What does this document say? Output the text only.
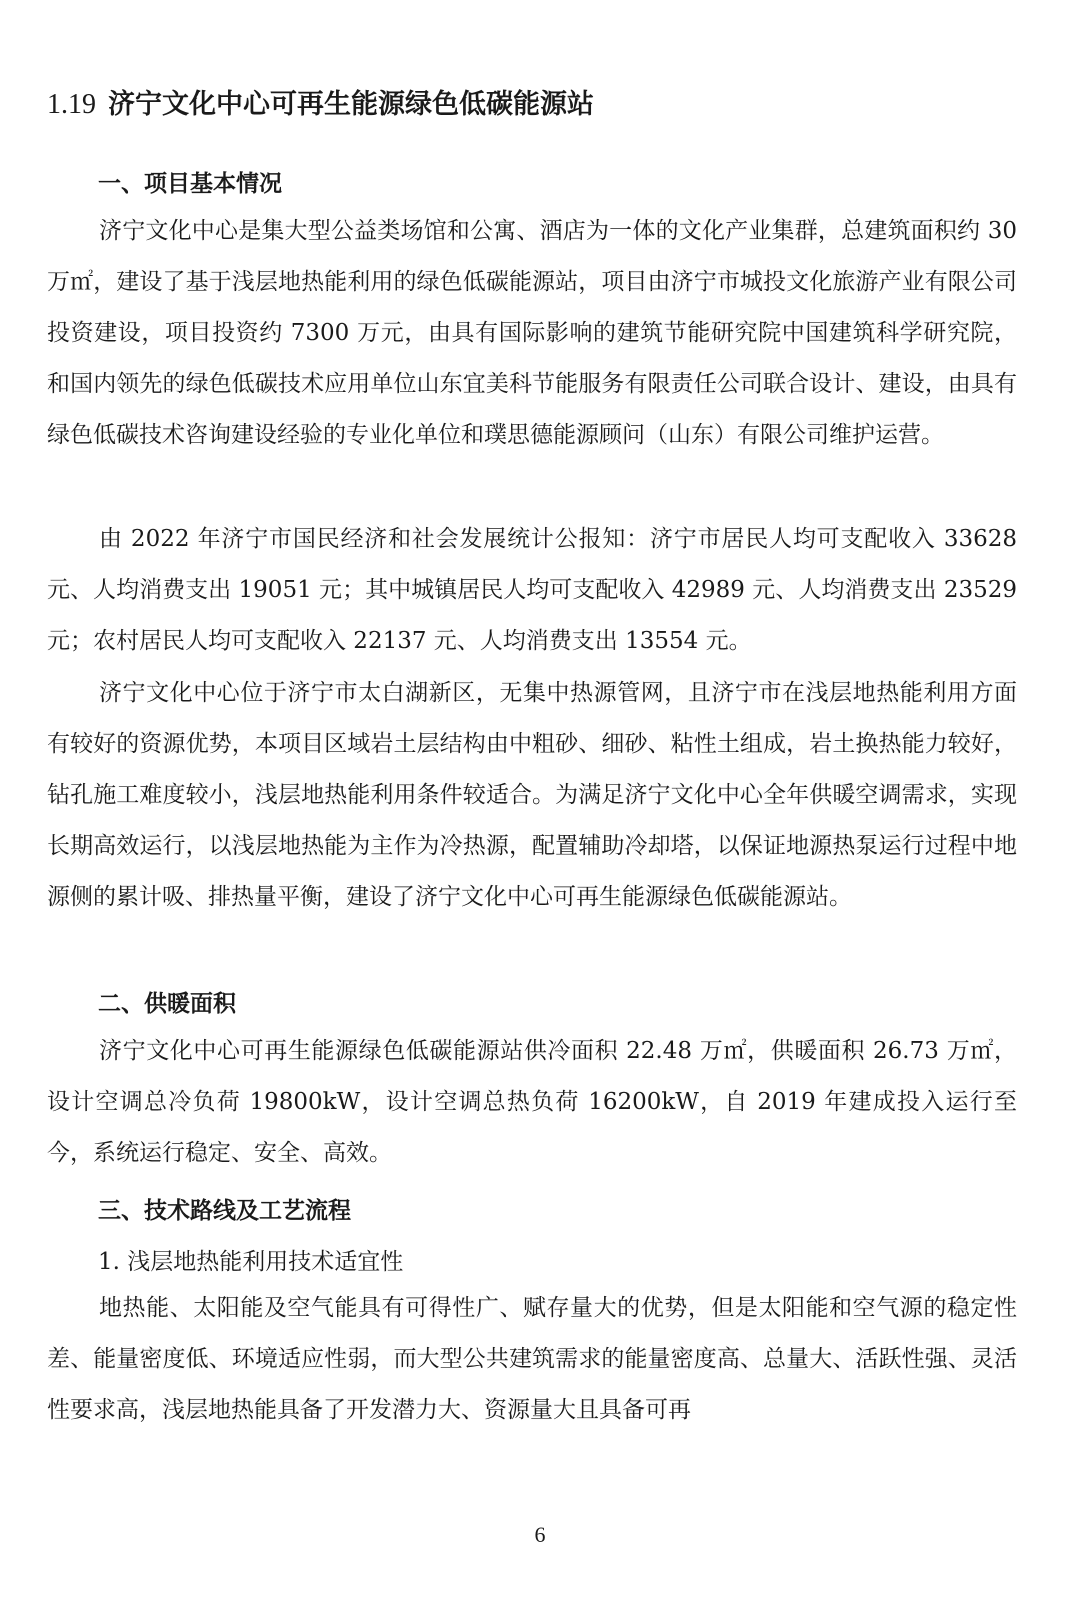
1.19 济宁文化中心可再生能源绿色低碳能源站
一、项目基本情况

济宁文化中心是集大型公益类场馆和公寓、酒店为一体的文化产业集群，总建筑面积约 30 万㎡，建设了基于浅层地热能利用的绿色低碳能源站，项目由济宁市城投文化旅游产业有限公司投资建设，项目投资约 7300 万元，由具有国际影响的建筑节能研究院中国建筑科学研究院，和国内领先的绿色低碳技术应用单位山东宜美科节能服务有限责任公司联合设计、建设，由具有绿色低碳技术咨询建设经验的专业化单位和璞思德能源顾问（山东）有限公司维护运营。

由 2022 年济宁市国民经济和社会发展统计公报知：济宁市居民人均可支配收入 33628 元、人均消费支出 19051 元；其中城镇居民人均可支配收入 42989 元、人均消费支出 23529 元；农村居民人均可支配收入 22137 元、人均消费支出 13554 元。

济宁文化中心位于济宁市太白湖新区，无集中热源管网，且济宁市在浅层地热能利用方面有较好的资源优势，本项目区域岩土层结构由中粗砂、细砂、粘性土组成，岩土换热能力较好，钻孔施工难度较小，浅层地热能利用条件较适合。为满足济宁文化中心全年供暖空调需求，实现长期高效运行，以浅层地热能为主作为冷热源，配置辅助冷却塔，以保证地源热泵运行过程中地源侧的累计吸、排热量平衡，建设了济宁文化中心可再生能源绿色低碳能源站。

二、供暖面积

济宁文化中心可再生能源绿色低碳能源站供冷面积 22.48 万㎡，供暖面积 26.73 万㎡，设计空调总冷负荷 19800kW，设计空调总热负荷 16200kW，自 2019 年建成投入运行至今，系统运行稳定、安全、高效。

三、技术路线及工艺流程
1. 浅层地热能利用技术适宜性

地热能、太阳能及空气能具有可得性广、赋存量大的优势，但是太阳能和空气源的稳定性差、能量密度低、环境适应性弱，而大型公共建筑需求的能量密度高、总量大、活跃性强、灵活性要求高，浅层地热能具备了开发潜力大、资源量大且具备可再

6
